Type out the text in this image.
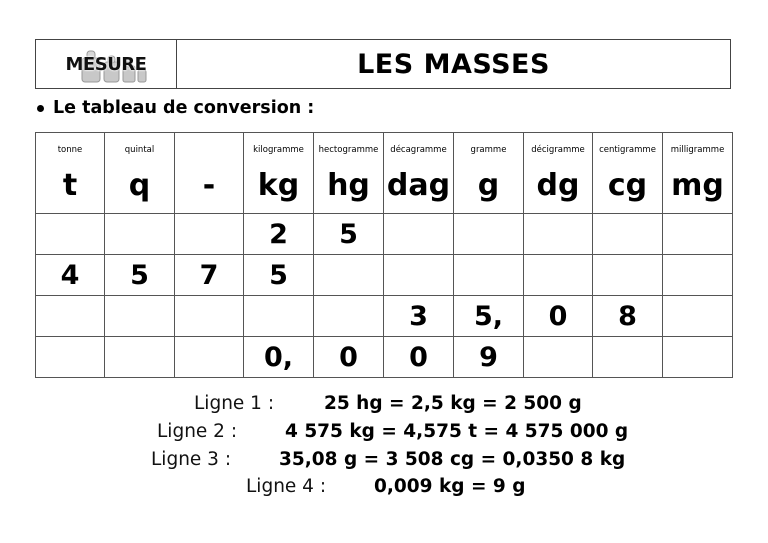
MESURE	LES MASSES
Le tableau de conversion :
tonne	quintal		kilogramme	hectogramme	décagramme	gramme	décigramme	centigramme	milligramme
t	q	-	kg	hg	dag	g	dg	cg	mg
			2	5					
4	5	7	5						
					3	5,	0	8	
			0,	0	0	9			
Ligne 1 :	25 hg = 2,5 kg = 2 500 g
Ligne 2 :	4 575 kg = 4,575 t = 4 575 000 g
Ligne 3 :	35,08 g = 3 508 cg = 0,0350 8 kg
Ligne 4 :	0,009 kg = 9 g
